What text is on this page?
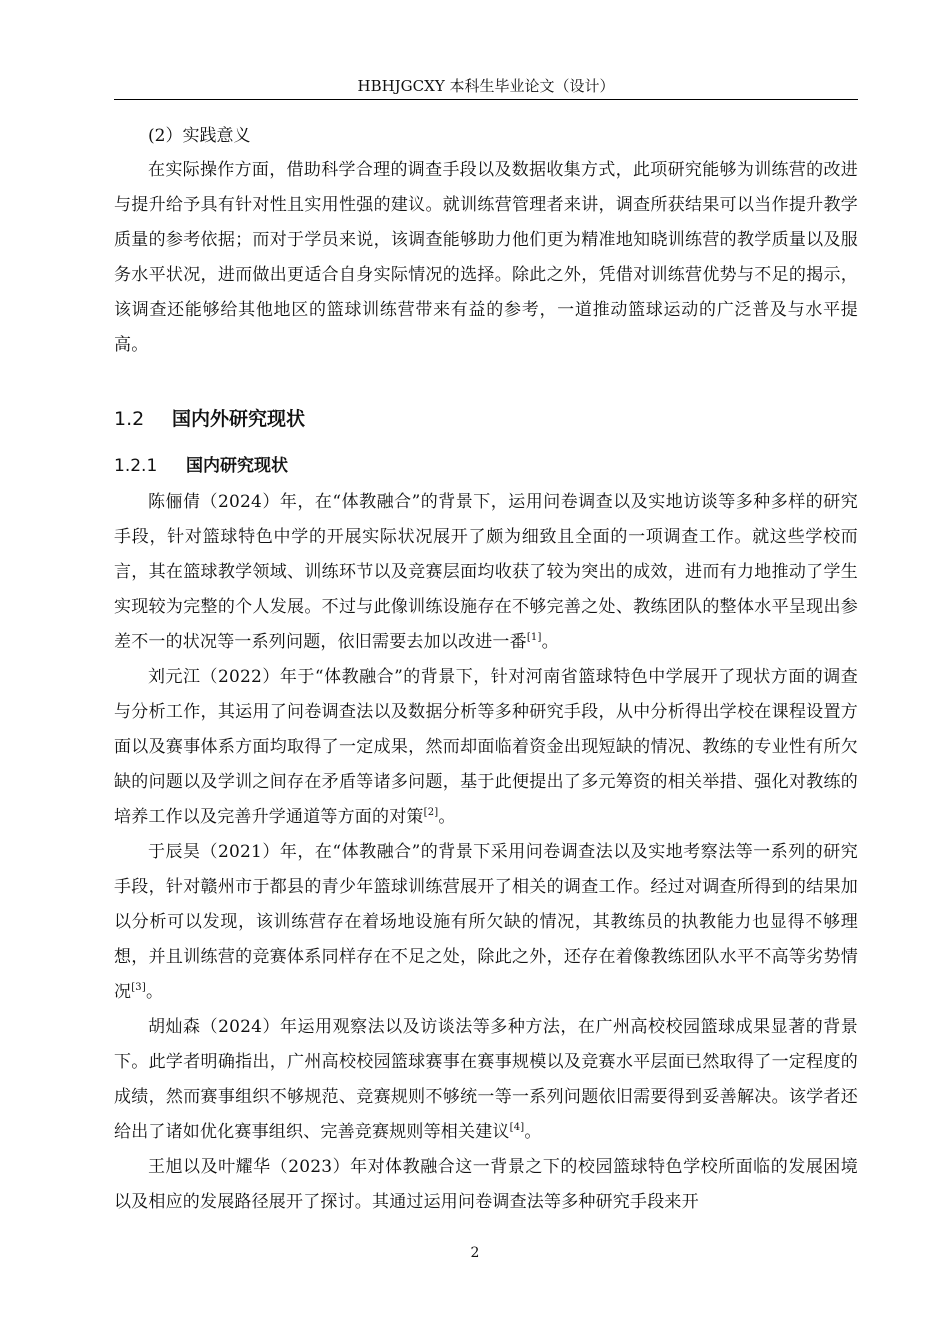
HBHJGCXY 本科生毕业论文（设计）
(2）实践意义

在实际操作方面，借助科学合理的调查手段以及数据收集方式，此项研究能够为训练营的改进与提升给予具有针对性且实用性强的建议。就训练营管理者来讲，调查所获结果可以当作提升教学质量的参考依据；而对于学员来说，该调查能够助力他们更为精准地知晓训练营的教学质量以及服务水平状况，进而做出更适合自身实际情况的选择。除此之外，凭借对训练营优势与不足的揭示，该调查还能够给其他地区的篮球训练营带来有益的参考，一道推动篮球运动的广泛普及与水平提高。

1.2 国内外研究现状
1.2.1 国内研究现状

陈俪倩（2024）年，在“体教融合”的背景下，运用问卷调查以及实地访谈等多种多样的研究手段，针对篮球特色中学的开展实际状况展开了颇为细致且全面的一项调查工作。就这些学校而言，其在篮球教学领域、训练环节以及竞赛层面均收获了较为突出的成效，进而有力地推动了学生实现较为完整的个人发展。不过与此像训练设施存在不够完善之处、教练团队的整体水平呈现出参差不一的状况等一系列问题，依旧需要去加以改进一番[1]。

刘元江（2022）年于“体教融合”的背景下，针对河南省篮球特色中学展开了现状方面的调查与分析工作，其运用了问卷调查法以及数据分析等多种研究手段，从中分析得出学校在课程设置方面以及赛事体系方面均取得了一定成果，然而却面临着资金出现短缺的情况、教练的专业性有所欠缺的问题以及学训之间存在矛盾等诸多问题，基于此便提出了多元筹资的相关举措、强化对教练的培养工作以及完善升学通道等方面的对策[2]。

于辰昊（2021）年，在“体教融合”的背景下采用问卷调查法以及实地考察法等一系列的研究手段，针对赣州市于都县的青少年篮球训练营展开了相关的调查工作。经过对调查所得到的结果加以分析可以发现，该训练营存在着场地设施有所欠缺的情况，其教练员的执教能力也显得不够理想，并且训练营的竞赛体系同样存在不足之处，除此之外，还存在着像教练团队水平不高等劣势情况[3]。

胡灿森（2024）年运用观察法以及访谈法等多种方法，在广州高校校园篮球成果显著的背景下。此学者明确指出，广州高校校园篮球赛事在赛事规模以及竞赛水平层面已然取得了一定程度的成绩，然而赛事组织不够规范、竞赛规则不够统一等一系列问题依旧需要得到妥善解决。该学者还给出了诸如优化赛事组织、完善竞赛规则等相关建议[4]。

王旭以及叶耀华（2023）年对体教融合这一背景之下的校园篮球特色学校所面临的发展困境以及相应的发展路径展开了探讨。其通过运用问卷调查法等多种研究手段来开

2
